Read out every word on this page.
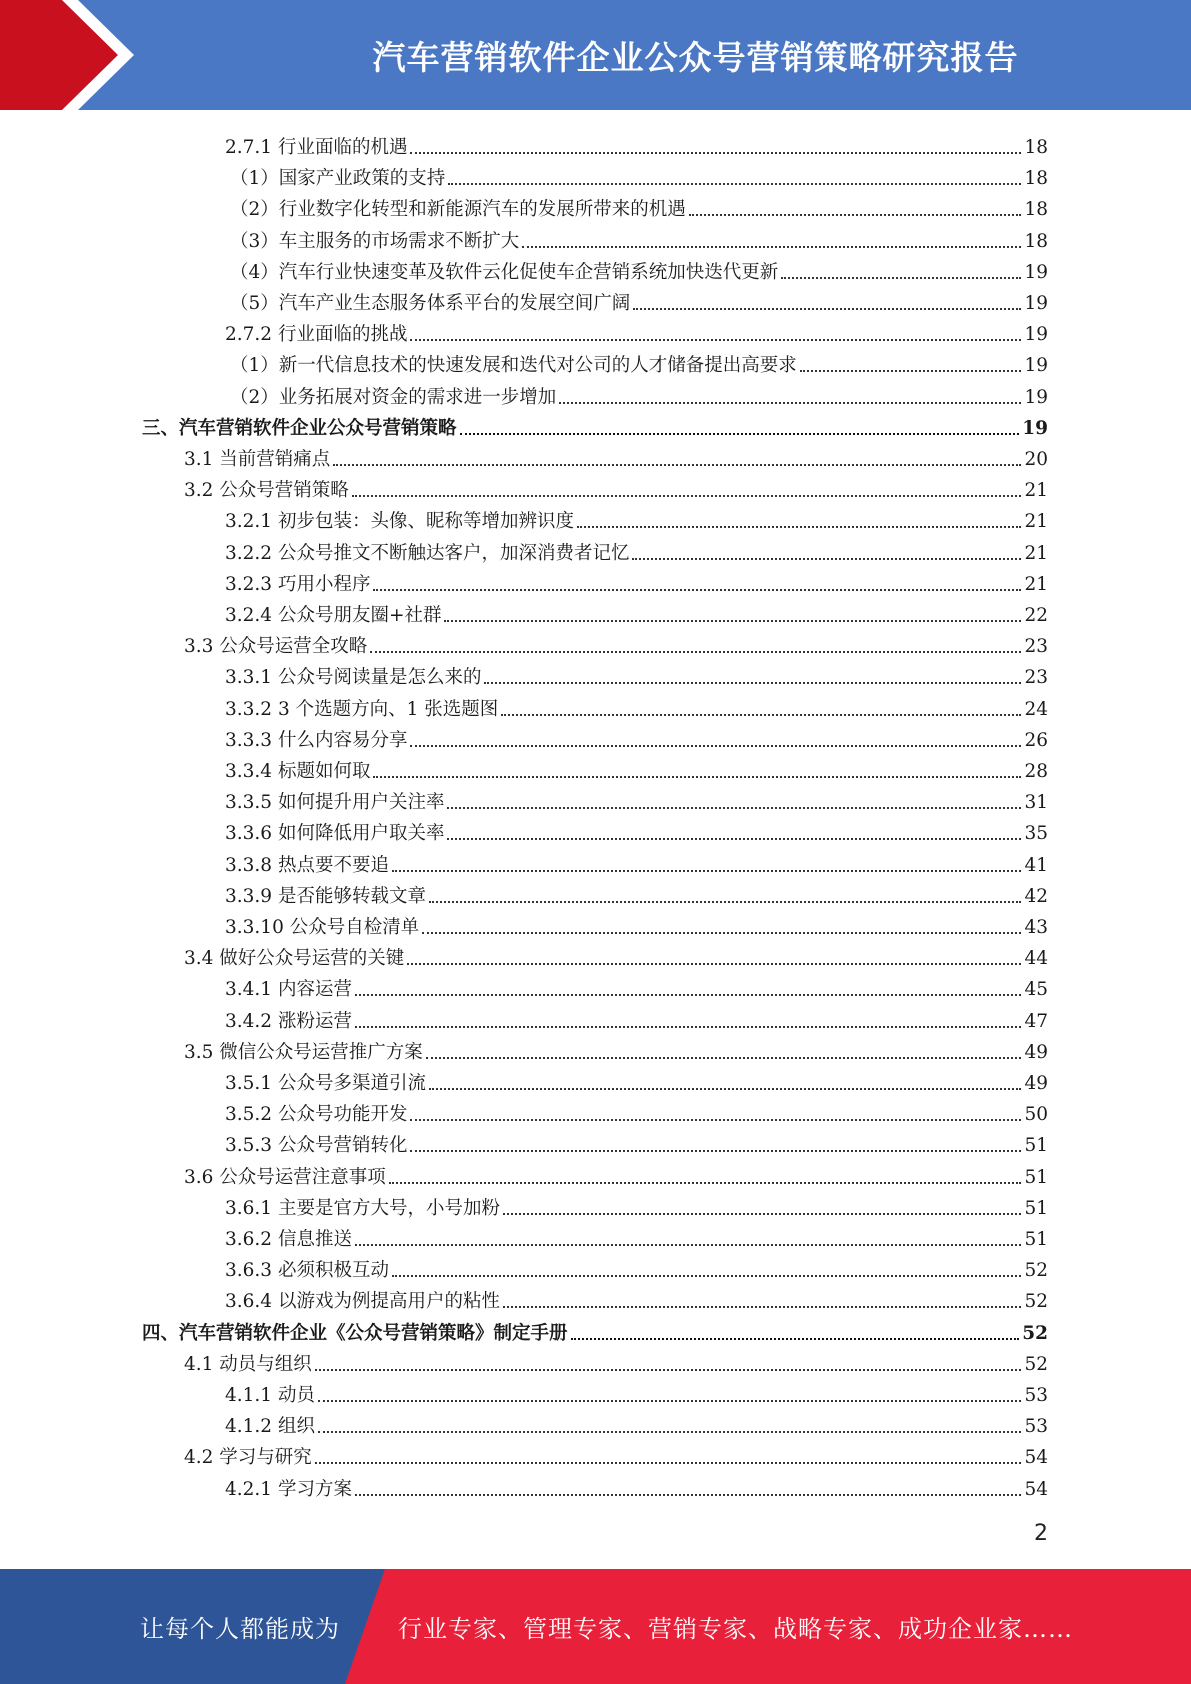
汽车营销软件企业公众号营销策略研究报告
2.7.1 行业面临的机遇	18
（1）国家产业政策的支持	18
（2）行业数字化转型和新能源汽车的发展所带来的机遇	18
（3）车主服务的市场需求不断扩大	18
（4）汽车行业快速变革及软件云化促使车企营销系统加快迭代更新	19
（5）汽车产业生态服务体系平台的发展空间广阔	19
2.7.2 行业面临的挑战	19
（1）新一代信息技术的快速发展和迭代对公司的人才储备提出高要求	19
（2）业务拓展对资金的需求进一步增加	19
三、汽车营销软件企业公众号营销策略	19
3.1 当前营销痛点	20
3.2 公众号营销策略	21
3.2.1 初步包装：头像、昵称等增加辨识度	21
3.2.2 公众号推文不断触达客户，加深消费者记忆	21
3.2.3 巧用小程序	21
3.2.4 公众号朋友圈+社群	22
3.3 公众号运营全攻略	23
3.3.1 公众号阅读量是怎么来的	23
3.3.2 3 个选题方向、1 张选题图	24
3.3.3 什么内容易分享	26
3.3.4 标题如何取	28
3.3.5 如何提升用户关注率	31
3.3.6 如何降低用户取关率	35
3.3.8 热点要不要追	41
3.3.9 是否能够转载文章	42
3.3.10 公众号自检清单	43
3.4 做好公众号运营的关键	44
3.4.1 内容运营	45
3.4.2 涨粉运营	47
3.5 微信公众号运营推广方案	49
3.5.1 公众号多渠道引流	49
3.5.2 公众号功能开发	50
3.5.3 公众号营销转化	51
3.6 公众号运营注意事项	51
3.6.1 主要是官方大号，小号加粉	51
3.6.2 信息推送	51
3.6.3 必须积极互动	52
3.6.4 以游戏为例提高用户的粘性	52
四、汽车营销软件企业《公众号营销策略》制定手册	52
4.1 动员与组织	52
4.1.1 动员	53
4.1.2 组织	53
4.2 学习与研究	54
4.2.1 学习方案	54
2
让每个人都能成为 行业专家、管理专家、营销专家、战略专家、成功企业家……
